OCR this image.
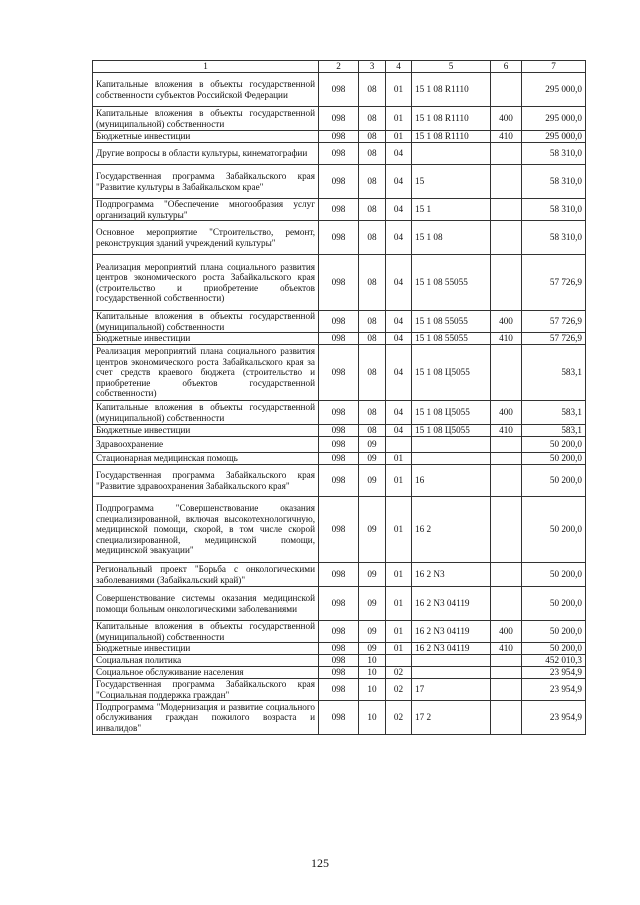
1	2	3	4	5	6	7
Капитальные вложения в объекты государственной собственности субъектов Российской Федерации	098	08	01	15 1 08 R1110		295 000,0
Капитальные вложения в объекты государственной (муниципальной) собственности	098	08	01	15 1 08 R1110	400	295 000,0
Бюджетные инвестиции	098	08	01	15 1 08 R1110	410	295 000,0
Другие вопросы в области культуры, кинематографии	098	08	04			58 310,0
Государственная программа Забайкальского края "Развитие культуры в Забайкальском крае"	098	08	04	15		58 310,0
Подпрограмма "Обеспечение многообразия услуг организаций культуры"	098	08	04	15 1		58 310,0
Основное мероприятие "Строительство, ремонт, реконструкция зданий учреждений культуры"	098	08	04	15 1 08		58 310,0
Реализация мероприятий плана социального развития центров экономического роста Забайкальского края (строительство и приобретение объектов государственной собственности)	098	08	04	15 1 08 55055		57 726,9
Капитальные вложения в объекты государственной (муниципальной) собственности	098	08	04	15 1 08 55055	400	57 726,9
Бюджетные инвестиции	098	08	04	15 1 08 55055	410	57 726,9
Реализация мероприятий плана социального развития центров экономического роста Забайкальского края за счет средств краевого бюджета (строительство и приобретение объектов государственной собственности)	098	08	04	15 1 08 Ц5055		583,1
Капитальные вложения в объекты государственной (муниципальной) собственности	098	08	04	15 1 08 Ц5055	400	583,1
Бюджетные инвестиции	098	08	04	15 1 08 Ц5055	410	583,1
Здравоохранение	098	09				50 200,0
Стационарная медицинская помощь	098	09	01			50 200,0
Государственная программа Забайкальского края "Развитие здравоохранения Забайкальского края"	098	09	01	16		50 200,0
Подпрограмма "Совершенствование оказания специализированной, включая высокотехнологичную, медицинской помощи, скорой, в том числе скорой специализированной, медицинской помощи, медицинской эвакуации"	098	09	01	16 2		50 200,0
Региональный проект "Борьба с онкологическими заболеваниями (Забайкальский край)"	098	09	01	16 2 N3		50 200,0
Совершенствование системы оказания медицинской помощи больным онкологическими заболеваниями	098	09	01	16 2 N3 04119		50 200,0
Капитальные вложения в объекты государственной (муниципальной) собственности	098	09	01	16 2 N3 04119	400	50 200,0
Бюджетные инвестиции	098	09	01	16 2 N3 04119	410	50 200,0
Социальная политика	098	10				452 010,3
Социальное обслуживание населения	098	10	02			23 954,9
Государственная программа Забайкальского края "Социальная поддержка граждан"	098	10	02	17		23 954,9
Подпрограмма "Модернизация и развитие социального обслуживания граждан пожилого возраста и инвалидов"	098	10	02	17 2		23 954,9
125
